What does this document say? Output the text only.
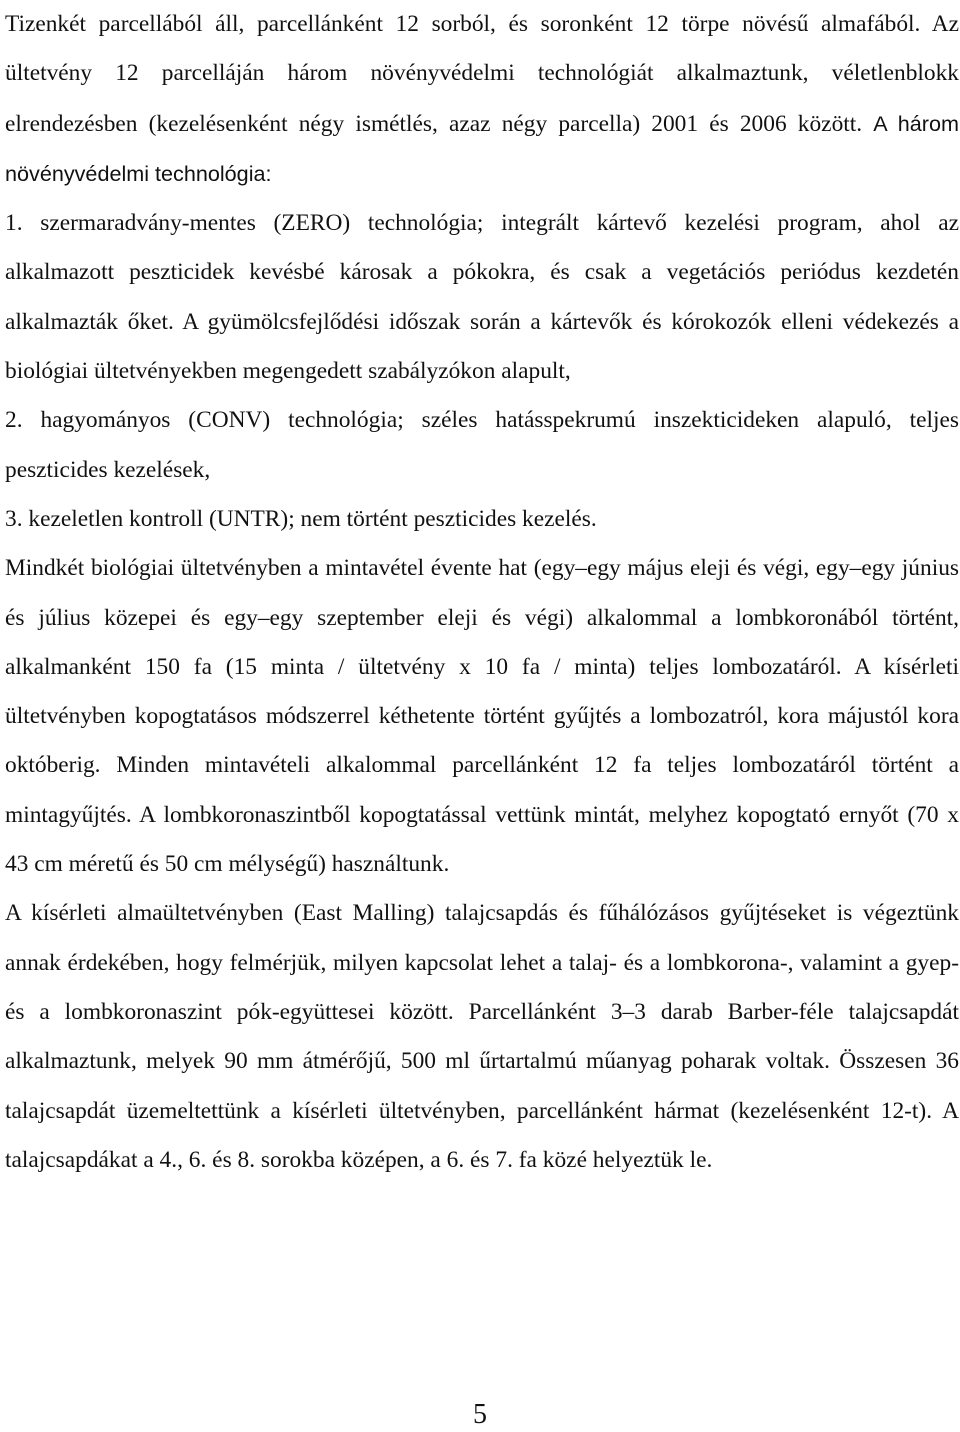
Tizenkét parcellából áll, parcellánként 12 sorból, és soronként 12 törpe növésű almafából. Az ültetvény 12 parcelláján három növényvédelmi technológiát alkalmaztunk, véletlenblokk elrendezésben (kezelésenként négy ismétlés, azaz négy parcella) 2001 és 2006 között. A három növényvédelmi technológia:

1. szermaradvány-mentes (ZERO) technológia; integrált kártevő kezelési program, ahol az alkalmazott peszticidek kevésbé károsak a pókokra, és csak a vegetációs periódus kezdetén alkalmazták őket. A gyümölcsfejlődési időszak során a kártevők és kórokozók elleni védekezés a biológiai ültetvényekben megengedett szabályzókon alapult,

2. hagyományos (CONV) technológia; széles hatásspekrumú inszekticideken alapuló, teljes peszticides kezelések,

3. kezeletlen kontroll (UNTR); nem történt peszticides kezelés.

Mindkét biológiai ültetvényben a mintavétel évente hat (egy–egy május eleji és végi, egy–egy június és július közepei és egy–egy szeptember eleji és végi) alkalommal a lombkoronából történt, alkalmanként 150 fa (15 minta / ültetvény x 10 fa / minta) teljes lombozatáról. A kísérleti ültetvényben kopogtatásos módszerrel kéthetente történt gyűjtés a lombozatról, kora májustól kora októberig. Minden mintavételi alkalommal parcellánként 12 fa teljes lombozatáról történt a mintagyűjtés. A lombkoronaszintből kopogtatással vettünk mintát, melyhez kopogtató ernyőt (70 x 43 cm méretű és 50 cm mélységű) használtunk.

A kísérleti almaültetvényben (East Malling) talajcsapdás és fűhálózásos gyűjtéseket is végeztünk annak érdekében, hogy felmérjük, milyen kapcsolat lehet a talaj- és a lombkorona-, valamint a gyep- és a lombkoronaszint pók-együttesei között. Parcellánként 3–3 darab Barber-féle talajcsapdát alkalmaztunk, melyek 90 mm átmérőjű, 500 ml űrtartalmú műanyag poharak voltak. Összesen 36 talajcsapdát üzemeltettünk a kísérleti ültetvényben, parcellánként hármat (kezelésenként 12-t). A talajcsapdákat a 4., 6. és 8. sorokba középen, a 6. és 7. fa közé helyeztük le.

5
